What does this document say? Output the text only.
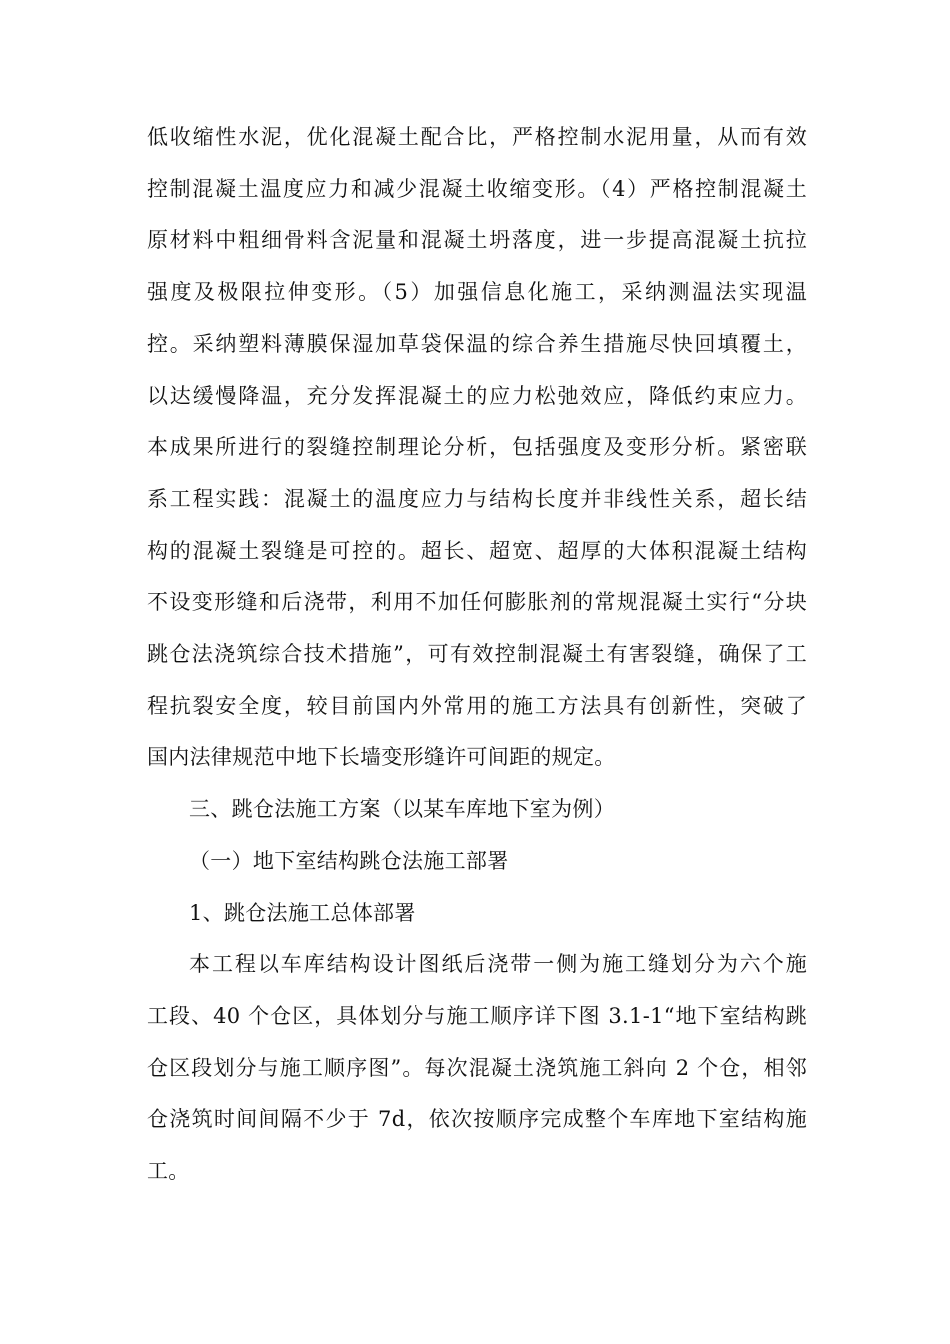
低收缩性水泥，优化混凝土配合比，严格控制水泥用量，从而有效
控制混凝土温度应力和减少混凝土收缩变形。（4）严格控制混凝土
原材料中粗细骨料含泥量和混凝土坍落度，进一步提高混凝土抗拉
强度及极限拉伸变形。（5）加强信息化施工，采纳测温法实现温
控。采纳塑料薄膜保湿加草袋保温的综合养生措施尽快回填覆土，
以达缓慢降温，充分发挥混凝土的应力松弛效应，降低约束应力。
本成果所进行的裂缝控制理论分析，包括强度及变形分析。紧密联
系工程实践：混凝土的温度应力与结构长度并非线性关系，超长结
构的混凝土裂缝是可控的。超长、超宽、超厚的大体积混凝土结构
不设变形缝和后浇带，利用不加任何膨胀剂的常规混凝土实行“分块
跳仓法浇筑综合技术措施”，可有效控制混凝土有害裂缝，确保了工
程抗裂安全度，较目前国内外常用的施工方法具有创新性，突破了
国内法律规范中地下长墙变形缝许可间距的规定。
三、跳仓法施工方案（以某车库地下室为例）
（一）地下室结构跳仓法施工部署
1、跳仓法施工总体部署
本工程以车库结构设计图纸后浇带一侧为施工缝划分为六个施
工段、40 个仓区，具体划分与施工顺序详下图 3.1-1“地下室结构跳
仓区段划分与施工顺序图”。每次混凝土浇筑施工斜向 2 个仓，相邻
仓浇筑时间间隔不少于 7d，依次按顺序完成整个车库地下室结构施
工。
